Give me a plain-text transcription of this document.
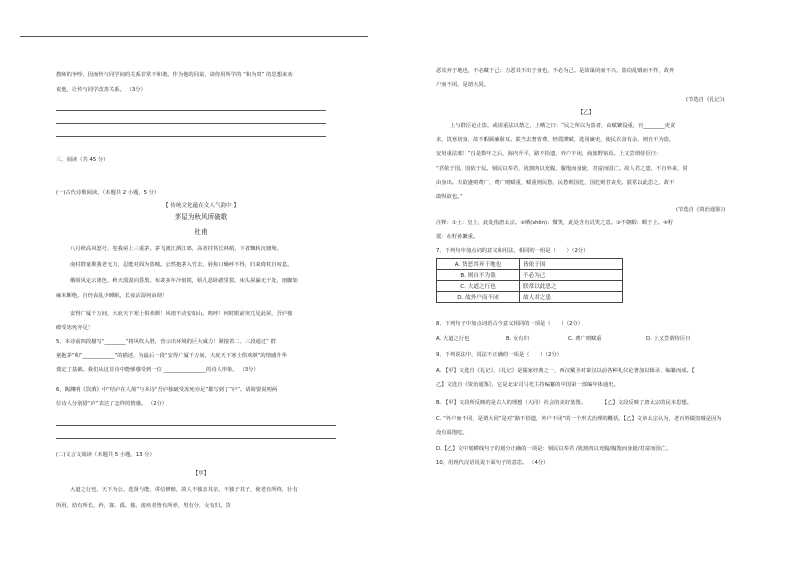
教师的争吵，因而传与同学间的关系非常不和谐。作为他的同桌，请你用所学的 “和为贵” 的思想来劝
说他，让传与同学改善关系。 （3分）
三、阅读（共 45 分）
(一)古代诗歌阅读。（本题共 2 小题，5 分）
【 传统文化蕴在文人气韵中 】
茅屋为秋风所破歌
杜甫
八月秋高风怒号，卷我屋上三重茅。茅飞渡江洒江郊，高者挂罥长林梢，下者飘转沉塘坳。
南村群童欺我老无力，忍能对面为盗贼。公然抱茅入竹去，唇焦口燥呼不得，归来倚杖自叹息。
俄顷风定云墨色，秋天漠漠向昏黑。布衾多年冷似铁，娇儿恶卧踏里裂。床头屋漏无干处，雨脚如
麻未断绝。自经丧乱少睡眠，长夜沾湿何由彻！
安得广厦千万间，大庇天下寒士俱欢颜！风雨不动安如山。呜呼！何时眼前突兀见此屋，吾庐独
破受冻死亦足！
5、本诗前四段描写“________”将风吹入胜，营示出环境的巨大威力！紧接着二、三段通过“ 群
童抱茅”和“____________”的描述，为最后一段“安得广厦千万间，大庇天下寒士俱欢颜”的情感升华
奠定了基础。我们从这首诗中能够感受到一位 ________________的诗人形象。 （3分）
6、陶渊明《饮酒》中“结庐在人境”与本诗“吾庐独破受冻死亦足”都写到了“庐”。请简要说明两
位诗人分别借“庐”表达了怎样的情感。 （2分）
(二)文言文阅读（本题共 5 小题，13 分）
【甲】
大道之行也，天下为公。选贤与能，讲信修睦，故人不独亲其亲，不独子其子，使老有所终，壮有
所用，幼有所长，矜、寡、孤、独、废疾者皆有所养，男有分，女有归。货
恶其弃于地也，不必藏于己；力恶其不出于身也，不必为己。是故谋闭而不兴，盗窃乱贼而不作，故外
户而不闭，是谓大同。
(节选自《礼记》)
【乙】
上与群臣论止盗。或请重法以禁之，上哂之曰：“民之所以为盗者，由赋繁役重，官________吏贪
求，饥寒切身，故不暇顾廉耻耳。朕当去奢省费，轻徭薄赋，选用廉吏，使民衣食有余，则自不为盗，
安用重法邪！”自是数年之后，海内升平，路不拾遗，外户不闭，商旅野宿焉。上又尝谓侍臣曰：
“君依于国，国依于民。刻民以奉君，犹割肉以充腹，腹饱而身毙，君富而国亡。故人君之患，不自外来，常
由身出。夫欲盛则费广，费广则赋重，赋重则民愁，民愁则国危，国危则君丧矣。朕常以此思之，故不
敢纵欲也。”
(节选自《资治通鉴》)
注释：①上：皇上，此处指唐太宗。②哂(shěn)：微笑，此处含有讥笑之意。③不朝暇：暇于上。④籽
徭：在籽孙繁重。
7、下列句中加点词的意义和用法，相同的一组是（　　）（2分）
A. 货恶其弃于地也	皆依于国
B. 则自不为盗	不必为己
C. 大道之行也	朕常以此思之
D. 故外户而不闭	故人君之患
8、下列句子中加点词语古今意义相同的一项是（　　）（2分）
A. 大道之行也	B. 女有归	C. 费广则赋重	D. 上又尝谓侍臣曰
9、下列说法中，说法不正确的一项是（　　）（2分）
A. 【甲】文选自《礼记》，《礼记》是儒家经典之一，西汉戴圣对秦汉以前各种礼仪论著加以辑录、编纂而成。【
乙】文选自《资治通鉴》，它是北宋司马光主持编纂的中国第一部编年体通史。
B. 【甲】文段所反映的是古人的理想（大同）社会的美好蓝图。　　　　【乙】文段反映了唐太宗的民本思想。
C. “外户而不闭，是谓大同”是对“路不拾遗，外户不闭”的一个形式治理的概括。【乙】文章太宗认为，老百姓做盗贼是因为
没有温饱吃。
D.【乙】文中划横线句子的划分正确的一项是：刻民以奉君 /犹割肉以充腹/腹饱而身毙/君富而国亡。
10、用现代汉语说说下面句子的意思。 （4分）
